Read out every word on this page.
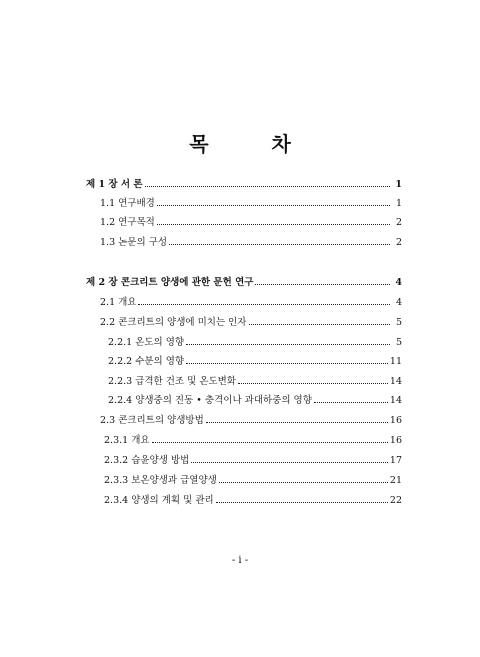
목 차
제 1 장 서 론	1
1.1 연구배경	1
1.2 연구목적	2
1.3 논문의 구성	2
제 2 장 콘크리트 양생에 관한 문헌 연구	4
2.1 개요	4
2.2 콘크리트의 양생에 미치는 인자	5
2.2.1 온도의 영향	5
2.2.2 수분의 영향	11
2.2.3 급격한 건조 및 온도변화	14
2.2.4 양생중의 진동 • 충격이나 과대하중의 영향	14
2.3 콘크리트의 양생방법	16
2.3.1 개요	16
2.3.2 습윤양생 방법	17
2.3.3 보온양생과 급열양생	21
2.3.4 양생의 계획 및 관리	22
- i -
